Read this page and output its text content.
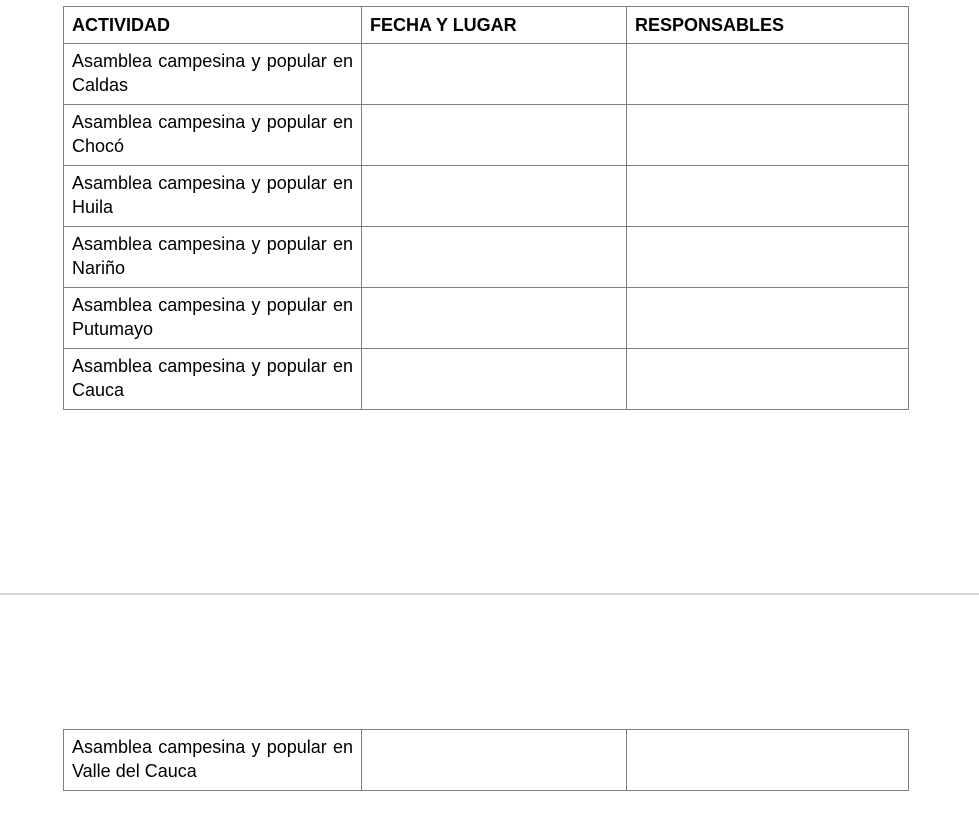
ACTIVIDAD	FECHA Y LUGAR	RESPONSABLES

Asamblea campesina y popular en Caldas		

Asamblea campesina y popular en Chocó		

Asamblea campesina y popular en Huila		

Asamblea campesina y popular en Nariño		

Asamblea campesina y popular en Putumayo		

Asamblea campesina y popular en Cauca		

Asamblea campesina y popular en Valle del Cauca
